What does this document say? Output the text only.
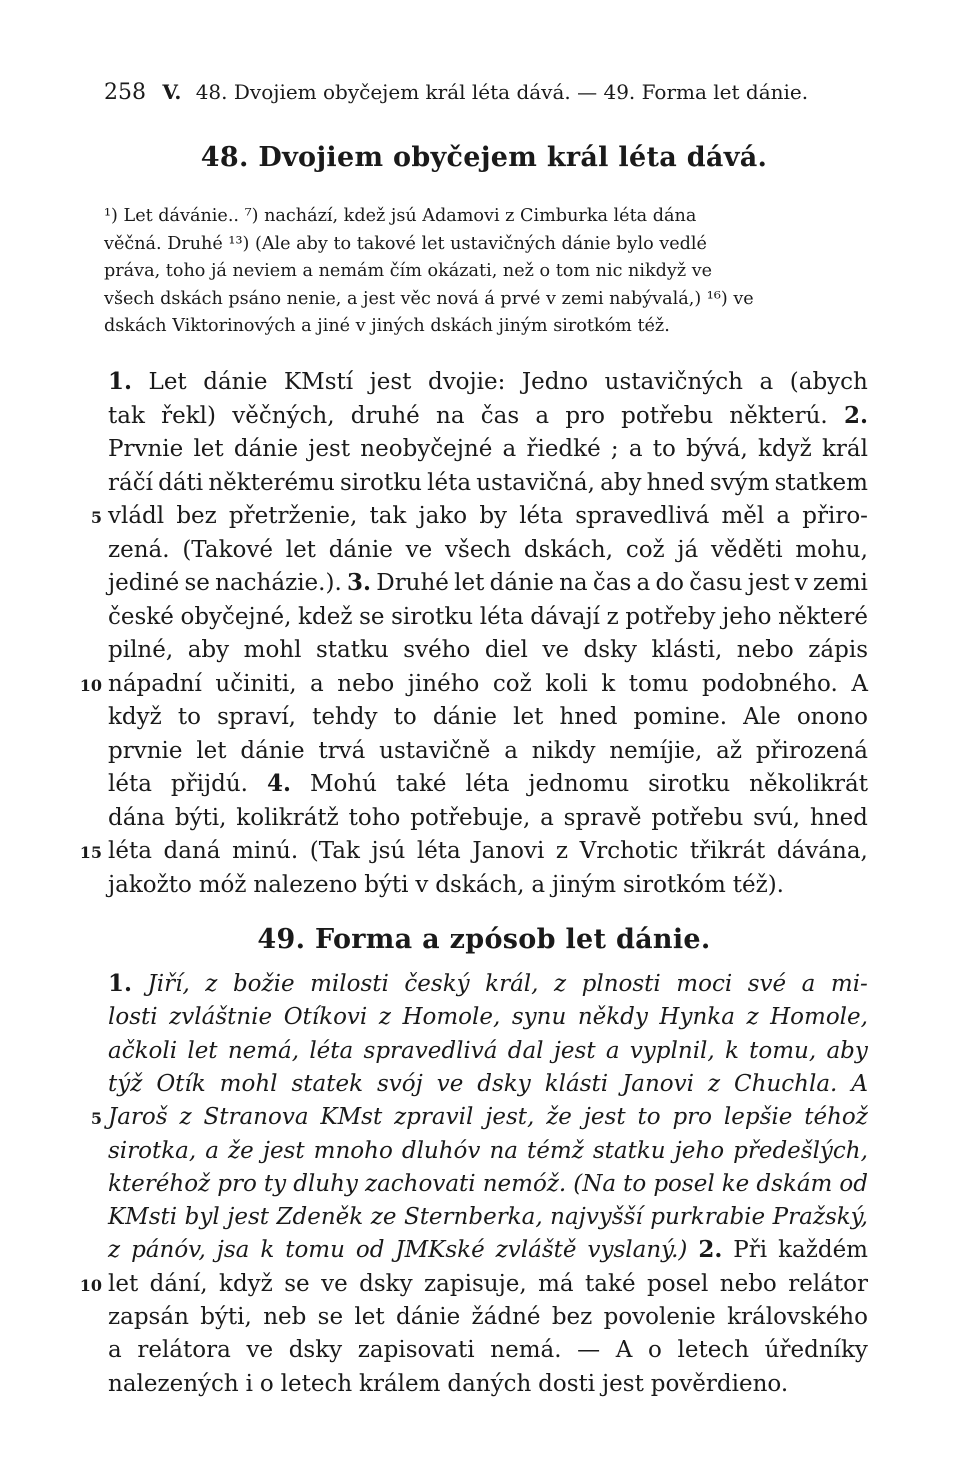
258 V. 48. Dvojiem obyčejem král léta dává. — 49. Forma let dánie.
48. Dvojiem obyčejem král léta dává.
¹) Let dávánie.. ⁷) nachází, kdež jsú Adamovi z Cimburka léta dána
věčná. Druhé ¹³) (Ale aby to takové let ustavičných dánie bylo vedlé
práva, toho já neviem a nemám čím okázati, než o tom nic nikdyž ve
všech dskách psáno nenie, a jest věc nová á prvé v zemi nabývalá,) ¹⁶) ve
dskách Viktorinových a jiné v jiných dskách jiným sirotkóm též.
1. Let dánie KMstí jest dvojie: Jedno ustavičných a (abych
tak řekl) věčných, druhé na čas a pro potřebu některú. 2.
Prvnie let dánie jest neobyčejné a řiedké ; a to bývá, když král
ráčí dáti některému sirotku léta ustavičná, aby hned svým statkem
vládl bez přetrženie, tak jako by léta spravedlivá měl a přiro-
zená. (Takové let dánie ve všech dskách, což já věděti mohu,
jediné se nacházie.). 3. Druhé let dánie na čas a do času jest v zemi
české obyčejné, kdež se sirotku léta dávají z potřeby jeho některé
pilné, aby mohl statku svého diel ve dsky klásti, nebo zápis
nápadní učiniti, a nebo jiného což koli k tomu podobného. A
když to spraví, tehdy to dánie let hned pomine. Ale onono
prvnie let dánie trvá ustavičně a nikdy nemíjie, až přirozená
léta přijdú. 4. Mohú také léta jednomu sirotku několikrát
dána býti, kolikrátž toho potřebuje, a spravě potřebu svú, hned
léta daná minú. (Tak jsú léta Janovi z Vrchotic třikrát dávána,
jakožto móž nalezeno býti v dskách, a jiným sirotkóm též).
5
10
15
49. Forma a zpósob let dánie.
1. Jiří, z božie milosti český král, z plnosti moci své a mi-
losti zvláštnie Otíkovi z Homole, synu někdy Hynka z Homole,
ačkoli let nemá, léta spravedlivá dal jest a vyplnil, k tomu, aby
týž Otík mohl statek svój ve dsky klásti Janovi z Chuchla. A
Jaroš z Stranova KMst zpravil jest, že jest to pro lepšie téhož
sirotka, a že jest mnoho dluhóv na témž statku jeho předešlých,
kteréhož pro ty dluhy zachovati nemóž. (Na to posel ke dskám od
KMsti byl jest Zdeněk ze Sternberka, najvyšší purkrabie Pražský,
z pánóv, jsa k tomu od JMKské zvláště vyslaný.) 2. Při každém
let dání, když se ve dsky zapisuje, má také posel nebo relátor
zapsán býti, neb se let dánie žádné bez povolenie královského
a relátora ve dsky zapisovati nemá. — A o letech úředníky
nalezených i o letech králem daných dosti jest pověrdieno.
5
10
